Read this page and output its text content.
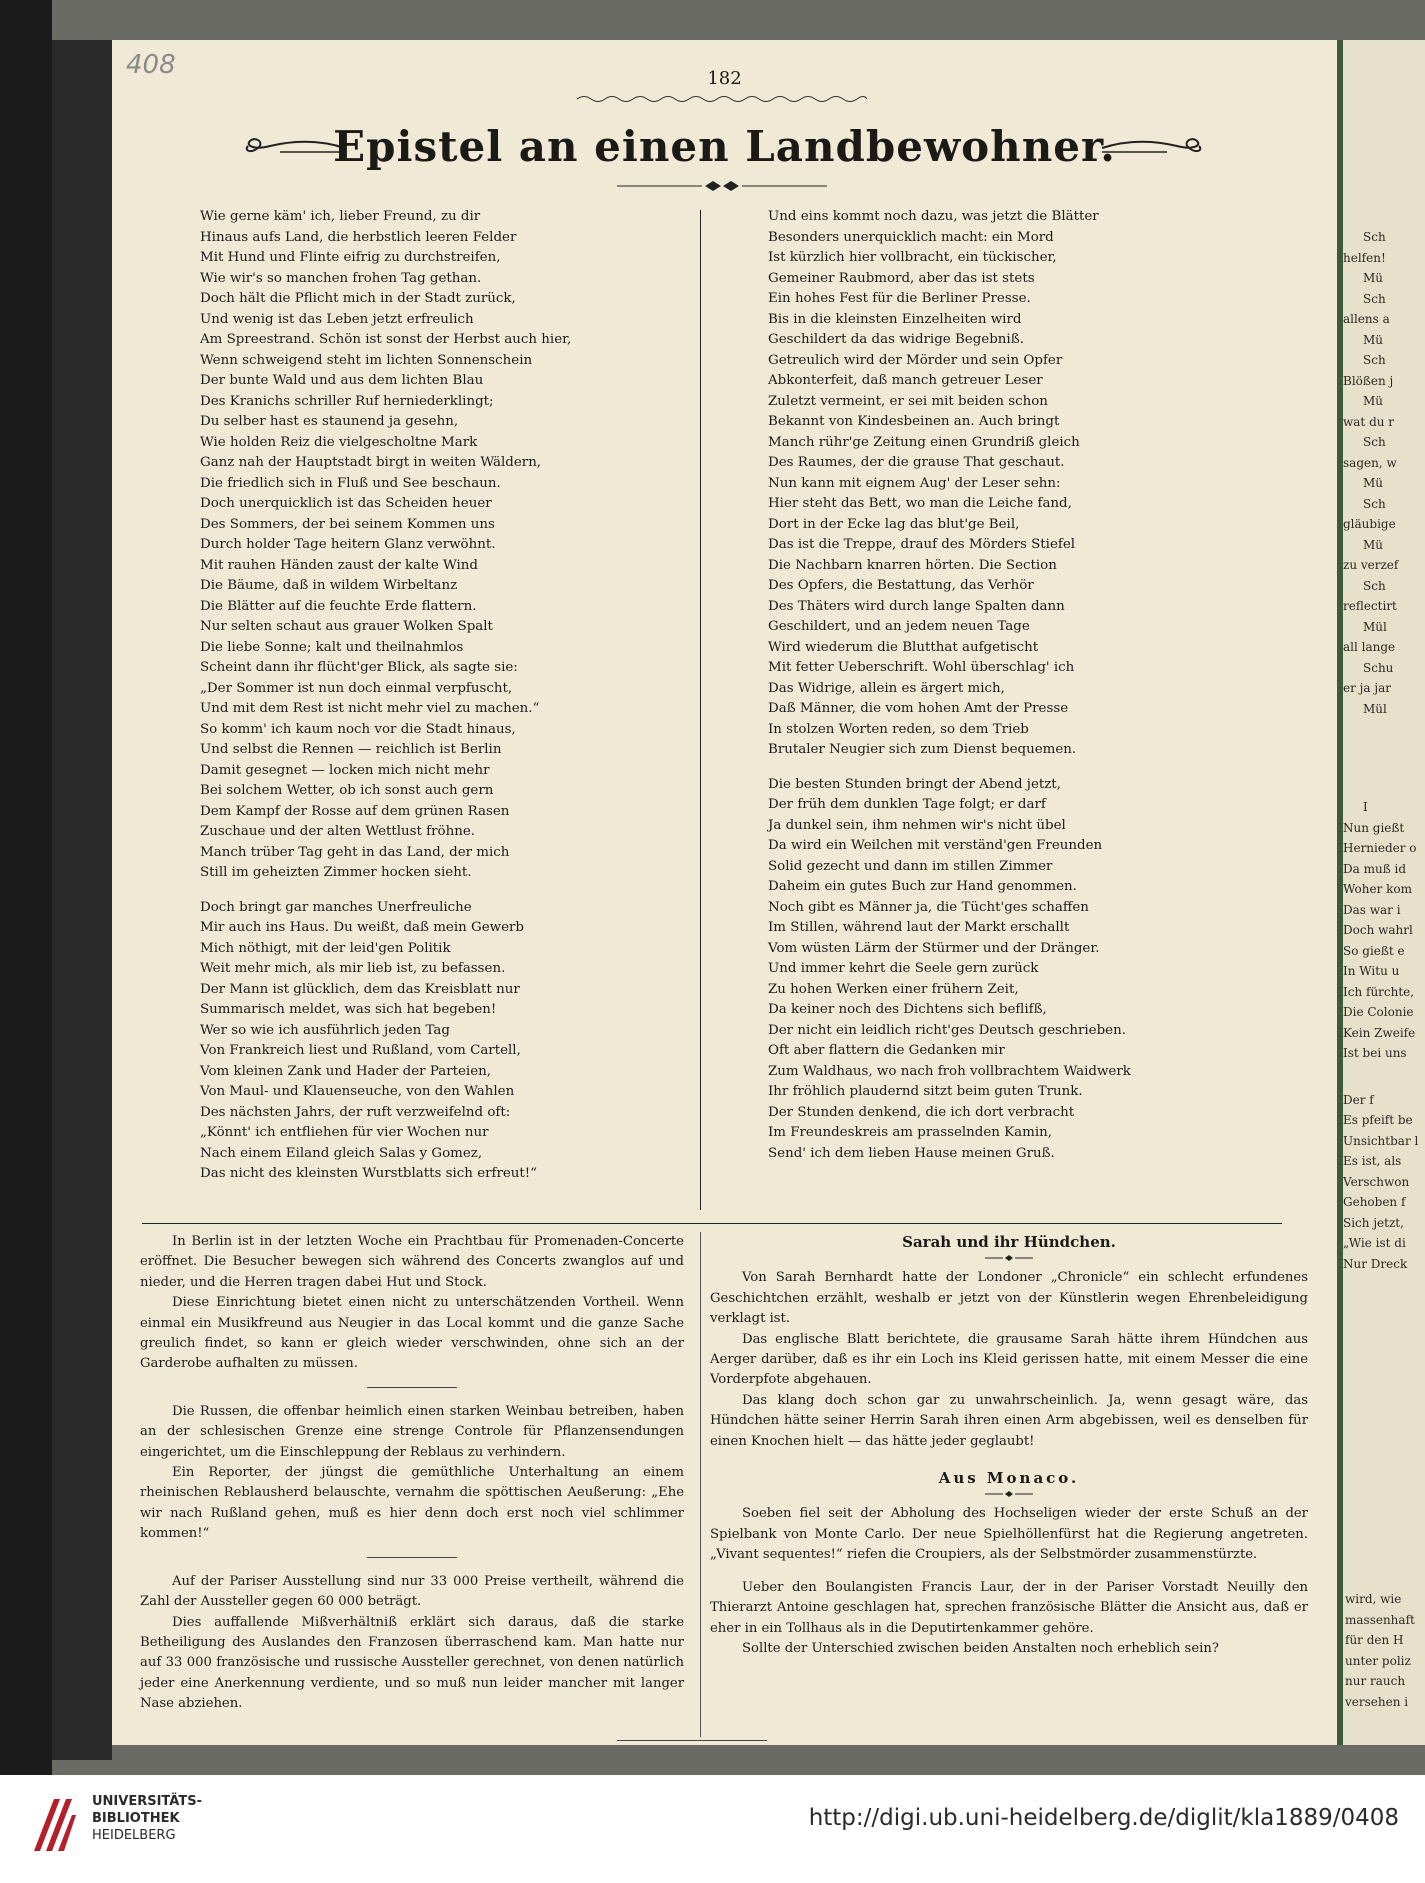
408	182
Epistel an einen Landbewohner.
Wie gerne käm' ich, lieber Freund, zu dir
Hinaus aufs Land, die herbstlich leeren Felder
Mit Hund und Flinte eifrig zu durchstreifen,
Wie wir's so manchen frohen Tag gethan.
Doch hält die Pflicht mich in der Stadt zurück,
Und wenig ist das Leben jetzt erfreulich
Am Spreestrand. Schön ist sonst der Herbst auch hier,
Wenn schweigend steht im lichten Sonnenschein
Der bunte Wald und aus dem lichten Blau
Des Kranichs schriller Ruf herniederklingt;
Du selber hast es staunend ja gesehn,
Wie holden Reiz die vielgescholtne Mark
Ganz nah der Hauptstadt birgt in weiten Wäldern,
Die friedlich sich in Fluß und See beschaun.
Doch unerquicklich ist das Scheiden heuer
Des Sommers, der bei seinem Kommen uns
Durch holder Tage heitern Glanz verwöhnt.
Mit rauhen Händen zaust der kalte Wind
Die Bäume, daß in wildem Wirbeltanz
Die Blätter auf die feuchte Erde flattern.
Nur selten schaut aus grauer Wolken Spalt
Die liebe Sonne; kalt und theilnahmlos
Scheint dann ihr flücht'ger Blick, als sagte sie:
„Der Sommer ist nun doch einmal verpfuscht,
Und mit dem Rest ist nicht mehr viel zu machen.“
So komm' ich kaum noch vor die Stadt hinaus,
Und selbst die Rennen — reichlich ist Berlin
Damit gesegnet — locken mich nicht mehr
Bei solchem Wetter, ob ich sonst auch gern
Dem Kampf der Rosse auf dem grünen Rasen
Zuschaue und der alten Wettlust fröhne.
Manch trüber Tag geht in das Land, der mich
Still im geheizten Zimmer hocken sieht.
Doch bringt gar manches Unerfreuliche
Mir auch ins Haus. Du weißt, daß mein Gewerb
Mich nöthigt, mit der leid'gen Politik
Weit mehr mich, als mir lieb ist, zu befassen.
Der Mann ist glücklich, dem das Kreisblatt nur
Summarisch meldet, was sich hat begeben!
Wer so wie ich ausführlich jeden Tag
Von Frankreich liest und Rußland, vom Cartell,
Vom kleinen Zank und Hader der Parteien,
Von Maul- und Klauenseuche, von den Wahlen
Des nächsten Jahrs, der ruft verzweifelnd oft:
„Könnt' ich entfliehen für vier Wochen nur
Nach einem Eiland gleich Salas y Gomez,
Das nicht des kleinsten Wurstblatts sich erfreut!“
Und eins kommt noch dazu, was jetzt die Blätter
Besonders unerquicklich macht: ein Mord
Ist kürzlich hier vollbracht, ein tückischer,
Gemeiner Raubmord, aber das ist stets
Ein hohes Fest für die Berliner Presse.
Bis in die kleinsten Einzelheiten wird
Geschildert da das widrige Begebniß.
Getreulich wird der Mörder und sein Opfer
Abkonterfeit, daß manch getreuer Leser
Zuletzt vermeint, er sei mit beiden schon
Bekannt von Kindesbeinen an. Auch bringt
Manch rühr'ge Zeitung einen Grundriß gleich
Des Raumes, der die grause That geschaut.
Nun kann mit eignem Aug' der Leser sehn:
Hier steht das Bett, wo man die Leiche fand,
Dort in der Ecke lag das blut'ge Beil,
Das ist die Treppe, drauf des Mörders Stiefel
Die Nachbarn knarren hörten. Die Section
Des Opfers, die Bestattung, das Verhör
Des Thäters wird durch lange Spalten dann
Geschildert, und an jedem neuen Tage
Wird wiederum die Blutthat aufgetischt
Mit fetter Ueberschrift. Wohl überschlag' ich
Das Widrige, allein es ärgert mich,
Daß Männer, die vom hohen Amt der Presse
In stolzen Worten reden, so dem Trieb
Brutaler Neugier sich zum Dienst bequemen.
Die besten Stunden bringt der Abend jetzt,
Der früh dem dunklen Tage folgt; er darf
Ja dunkel sein, ihm nehmen wir's nicht übel
Da wird ein Weilchen mit verständ'gen Freunden
Solid gezecht und dann im stillen Zimmer
Daheim ein gutes Buch zur Hand genommen.
Noch gibt es Männer ja, die Tücht'ges schaffen
Im Stillen, während laut der Markt erschallt
Vom wüsten Lärm der Stürmer und der Dränger.
Und immer kehrt die Seele gern zurück
Zu hohen Werken einer frühern Zeit,
Da keiner noch des Dichtens sich beflifß,
Der nicht ein leidlich richt'ges Deutsch geschrieben.
Oft aber flattern die Gedanken mir
Zum Waldhaus, wo nach froh vollbrachtem Waidwerk
Ihr fröhlich plaudernd sitzt beim guten Trunk.
Der Stunden denkend, die ich dort verbracht
Im Freundeskreis am prasselnden Kamin,
Send' ich dem lieben Hause meinen Gruß.

In Berlin ist in der letzten Woche ein Prachtbau für Promenaden-Concerte eröffnet. Die Besucher bewegen sich während des Concerts zwanglos auf und nieder, und die Herren tragen dabei Hut und Stock.

Diese Einrichtung bietet einen nicht zu unterschätzenden Vortheil. Wenn einmal ein Musikfreund aus Neugier in das Local kommt und die ganze Sache greulich findet, so kann er gleich wieder verschwinden, ohne sich an der Garderobe aufhalten zu müssen.

Die Russen, die offenbar heimlich einen starken Weinbau betreiben, haben an der schlesischen Grenze eine strenge Controle für Pflanzensendungen eingerichtet, um die Einschleppung der Reblaus zu verhindern.

Ein Reporter, der jüngst die gemüthliche Unterhaltung an einem rheinischen Reblausherd belauschte, vernahm die spöttischen Aeußerung: „Ehe wir nach Rußland gehen, muß es hier denn doch erst noch viel schlimmer kommen!“

Auf der Pariser Ausstellung sind nur 33 000 Preise vertheilt, während die Zahl der Aussteller gegen 60 000 beträgt.

Dies auffallende Mißverhältniß erklärt sich daraus, daß die starke Betheiligung des Auslandes den Franzosen überraschend kam. Man hatte nur auf 33 000 französische und russische Aussteller gerechnet, von denen natürlich jeder eine Anerkennung verdiente, und so muß nun leider mancher mit langer Nase abziehen.

Sarah und ihr Hündchen.

Von Sarah Bernhardt hatte der Londoner „Chronicle“ ein schlecht erfundenes Geschichtchen erzählt, weshalb er jetzt von der Künstlerin wegen Ehrenbeleidigung verklagt ist.

Das englische Blatt berichtete, die grausame Sarah hätte ihrem Hündchen aus Aerger darüber, daß es ihr ein Loch ins Kleid gerissen hatte, mit einem Messer die eine Vorderpfote abgehauen.

Das klang doch schon gar zu unwahrscheinlich. Ja, wenn gesagt wäre, das Hündchen hätte seiner Herrin Sarah ihren einen Arm abgebissen, weil es denselben für einen Knochen hielt — das hätte jeder geglaubt!

Aus Monaco.

Soeben fiel seit der Abholung des Hochseligen wieder der erste Schuß an der Spielbank von Monte Carlo. Der neue Spielhöllenfürst hat die Regierung angetreten. „Vivant sequentes!“ riefen die Croupiers, als der Selbstmörder zusammenstürzte.

Ueber den Boulangisten Francis Laur, der in der Pariser Vorstadt Neuilly den Thierarzt Antoine geschlagen hat, sprechen französische Blätter die Ansicht aus, daß er eher in ein Tollhaus als in die Deputirtenkammer gehöre.

Sollte der Unterschied zwischen beiden Anstalten noch erheblich sein?

Sch
helfen!
Mü
Sch
allens a
Mü
Sch
Blößen j
Mü
wat du r
Sch
sagen, w
Mü
Sch
gläubige
Mü
zu verzef
Sch
reflectirt
Mül
all lange
Schu
er ja jar
Mül
I
Nun gießt
Hernieder o
Da muß id
Woher kom
Das war i
Doch wahrl
So gießt e
In Witu u
Ich fürchte,
Die Colonie
Kein Zweife
Ist bei uns
Der f
Es pfeift be
Unsichtbar l
Es ist, als
Verschwon
Gehoben f
Sich jetzt,
„Wie ist di
Nur Dreck
wird, wie
massenhaft
für den H
unter poliz
nur rauch
versehen i
UNIVERSITÄTS-
BIBLIOTHEK
HEIDELBERG
http://digi.ub.uni-heidelberg.de/diglit/kla1889/0408
